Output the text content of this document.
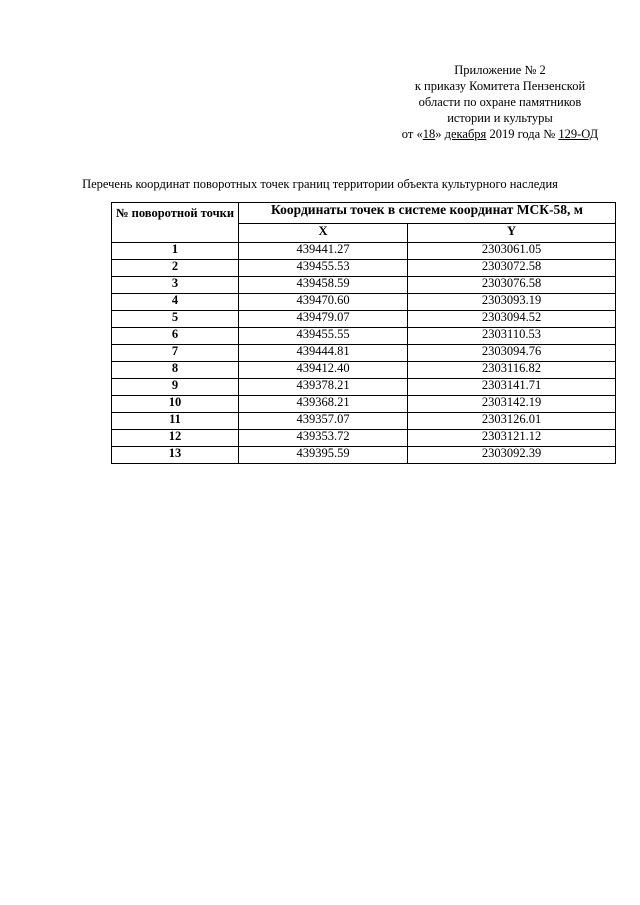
Приложение № 2
к приказу Комитета Пензенской
области по охране памятников
истории и культуры
от «18» декабря 2019 года № 129-ОД
Перечень координат поворотных точек границ территории объекта культурного наследия
№ поворотной точки	Координаты точек в системе координат МСК-58, м	
	X	Y
1	439441.27	2303061.05
2	439455.53	2303072.58
3	439458.59	2303076.58
4	439470.60	2303093.19
5	439479.07	2303094.52
6	439455.55	2303110.53
7	439444.81	2303094.76
8	439412.40	2303116.82
9	439378.21	2303141.71
10	439368.21	2303142.19
11	439357.07	2303126.01
12	439353.72	2303121.12
13	439395.59	2303092.39
